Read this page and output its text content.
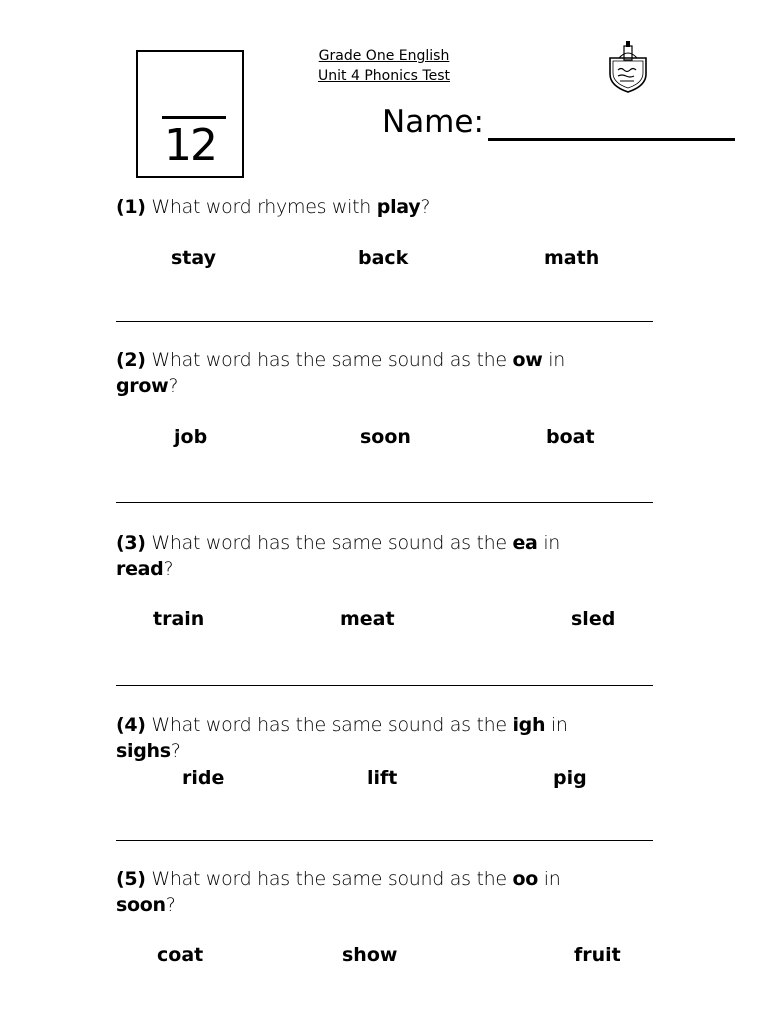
12
Grade One English
Unit 4 Phonics Test
Name:
(1) What word rhymes with play?
stay	back	math
(2) What word has the same sound as the ow in
grow?
job	soon	boat
(3) What word has the same sound as the ea in
read?
train	meat	sled
(4) What word has the same sound as the igh in
sighs?
ride	lift	pig
(5) What word has the same sound as the oo in
soon?
coat	show	fruit
